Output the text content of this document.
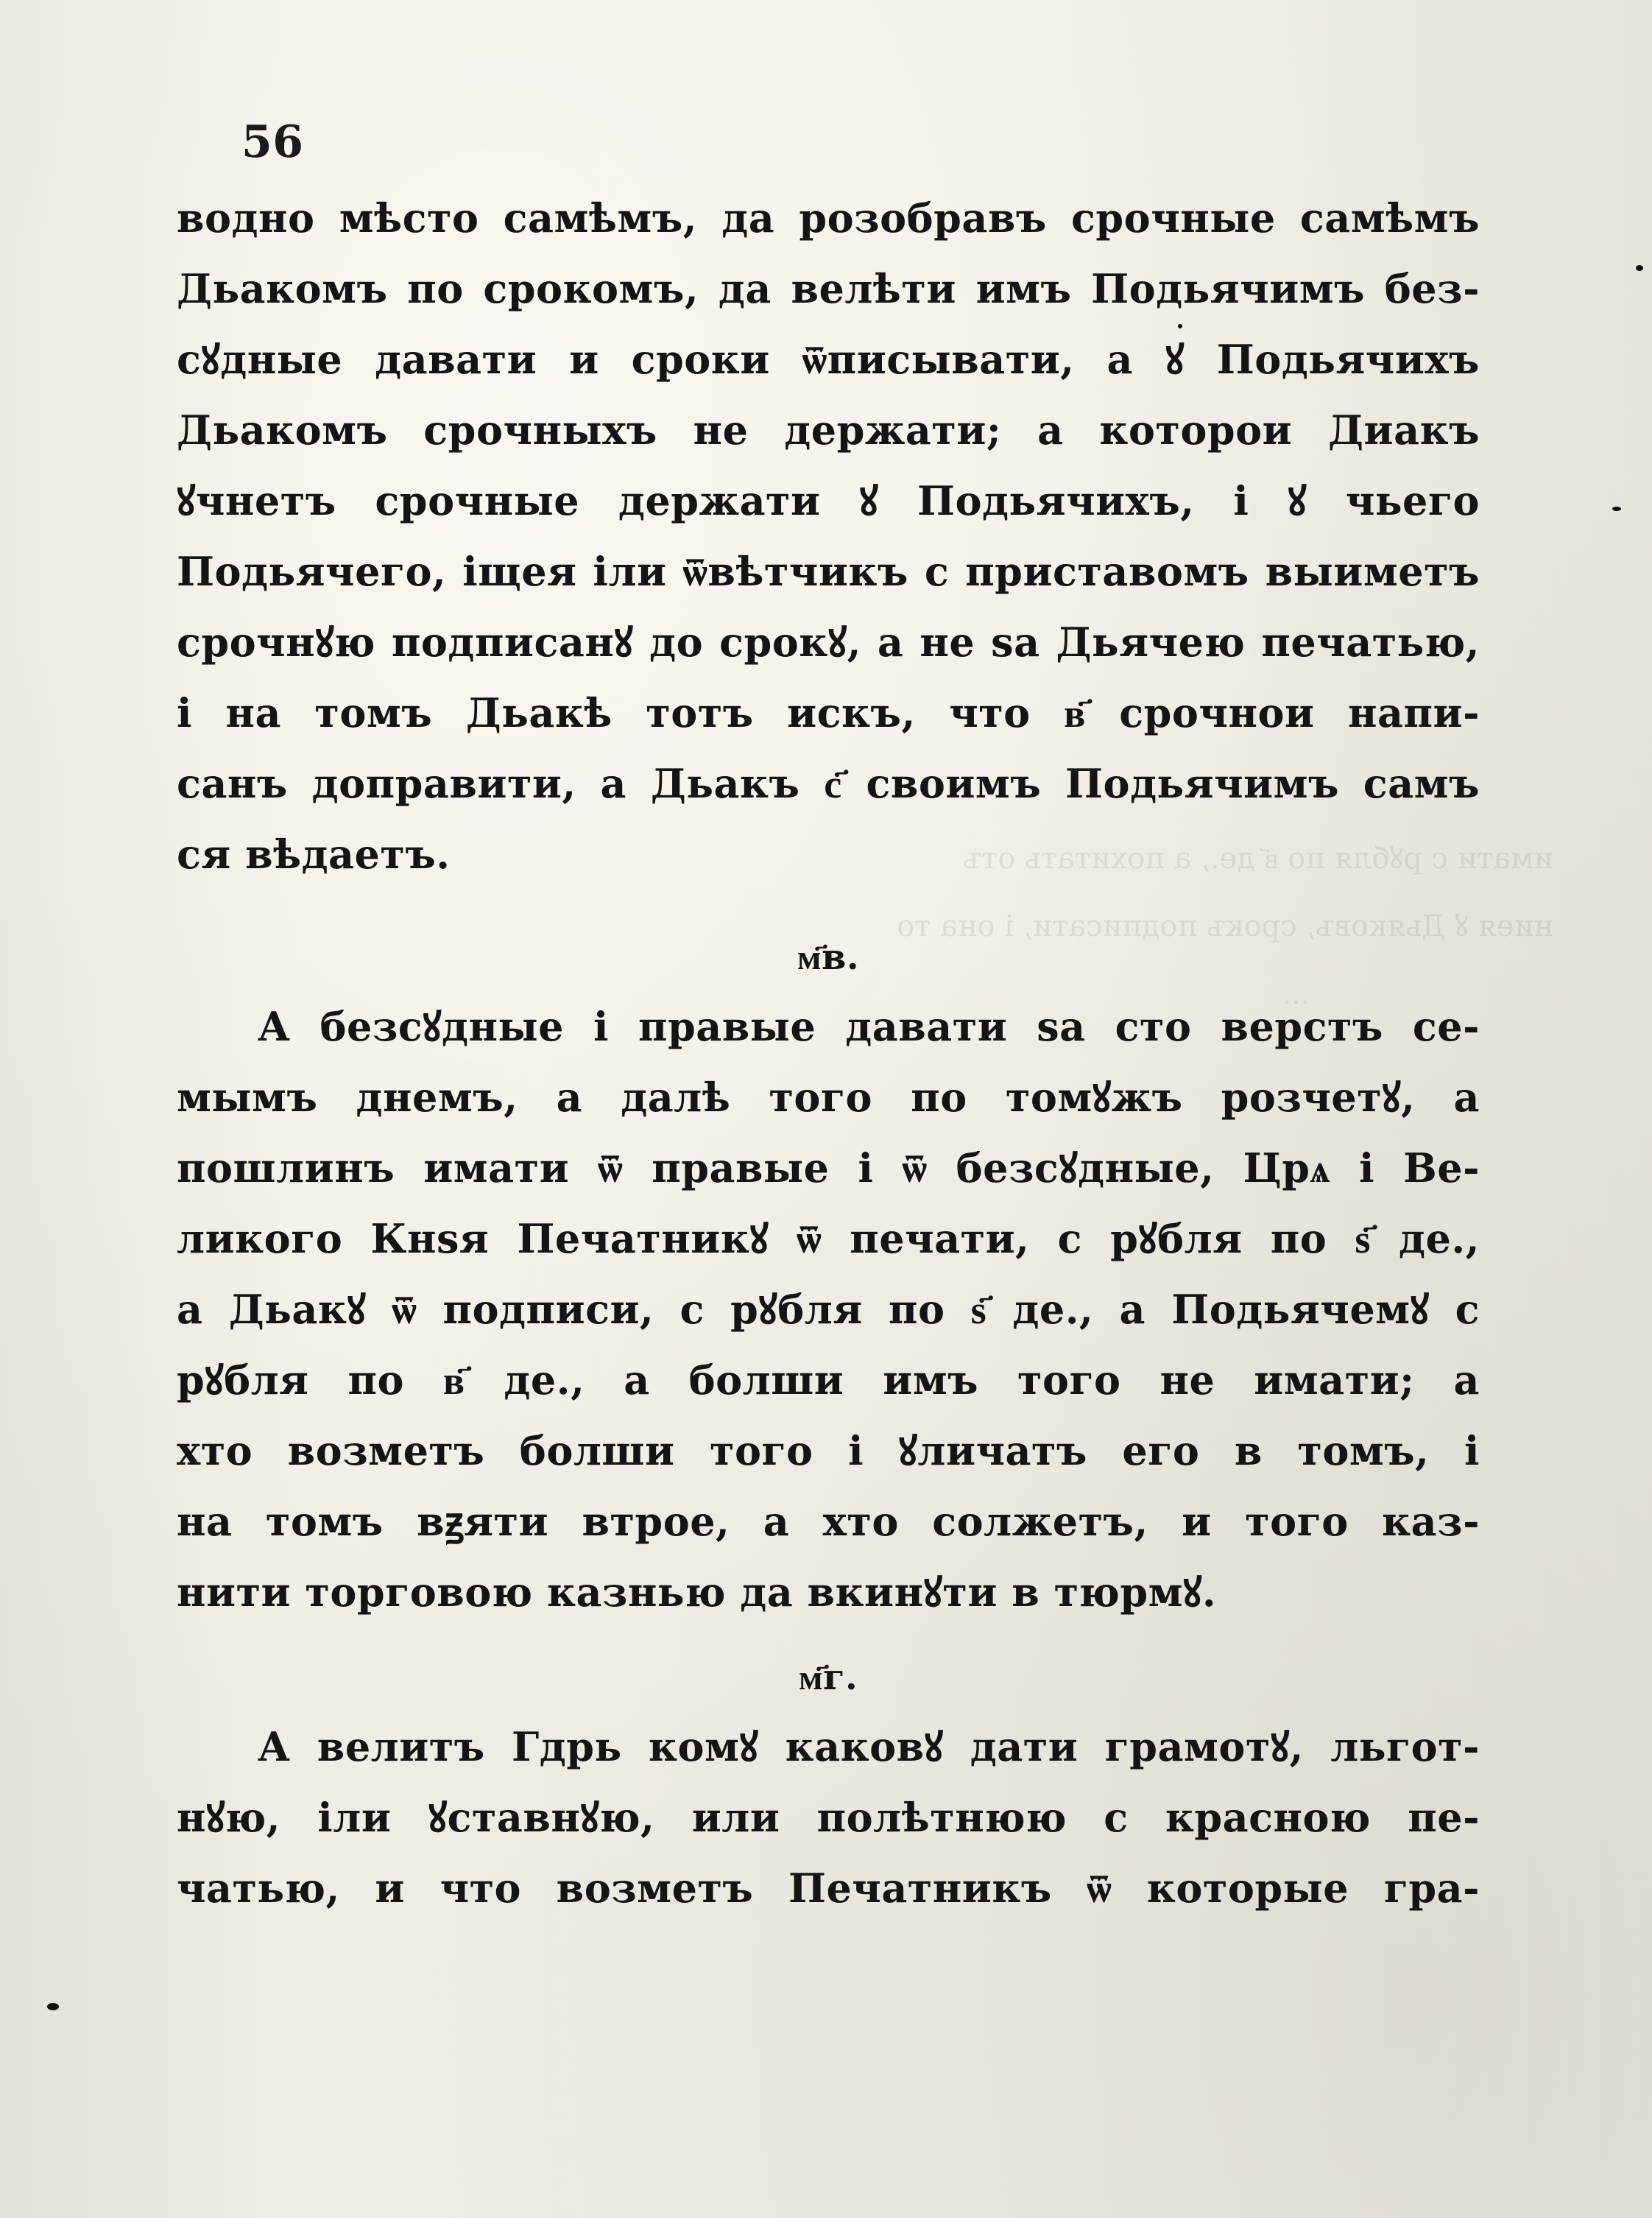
имати с рꙋбля по в҃ де., а похитать отъ
ниея ꙋ Дьяковъ, срокъ подписати, і она то
...

56

водно мѣсто самѣмъ, да розобравъ срочные самѣмъ
Дьакомъ по срокомъ, да велѣти имъ Подьячимъ без-
сꙋдные давати и сроки ѿписывати, а ꙋ Подьячихъ
Дьакомъ срочныхъ не держати; а которои Диакъ
ꙋчнетъ срочные держати ꙋ Подьячихъ, і ꙋ чьего
Подьячего, іщея іли ѿвѣтчикъ с приставомъ выиметъ
срочнꙋю подписанꙋ до срокꙋ, а не ѕа Дьячею печатью,
і на томъ Дьакѣ тотъ искъ, что в҃ срочнои напи-
санъ доправити, а Дьакъ с҃ своимъ Подьячимъ самъ
ся вѣдаетъ.
м҃в.
А безсꙋдные і правые давати ѕа сто верстъ се-
мымъ днемъ, а далѣ того по томꙋжъ розчетꙋ, а
пошлинъ имати ѿ правые і ѿ безсꙋдные, Црѧ і Ве-
ликого Кнѕя Печатникꙋ ѿ печати, с рꙋбля по ѕ҃ де.,
а Дьакꙋ ѿ подписи, с рꙋбля по ѕ҃ де., а Подьячемꙋ с
рꙋбля по в҃ де., а болши имъ того не имати; а
хто возметъ болши того і ꙋличатъ его в томъ, і
на томъ вꙃяти втрое, а хто солжетъ, и того каз-
нити торговою казнью да вкинꙋти в тюрмꙋ.
м҃г.
А велитъ Гдрь комꙋ каковꙋ дати грамотꙋ, льгот-
нꙋю, іли ꙋставнꙋю, или полѣтнюю с красною пе-
чатью, и что возметъ Печатникъ ѿ которые гра-
